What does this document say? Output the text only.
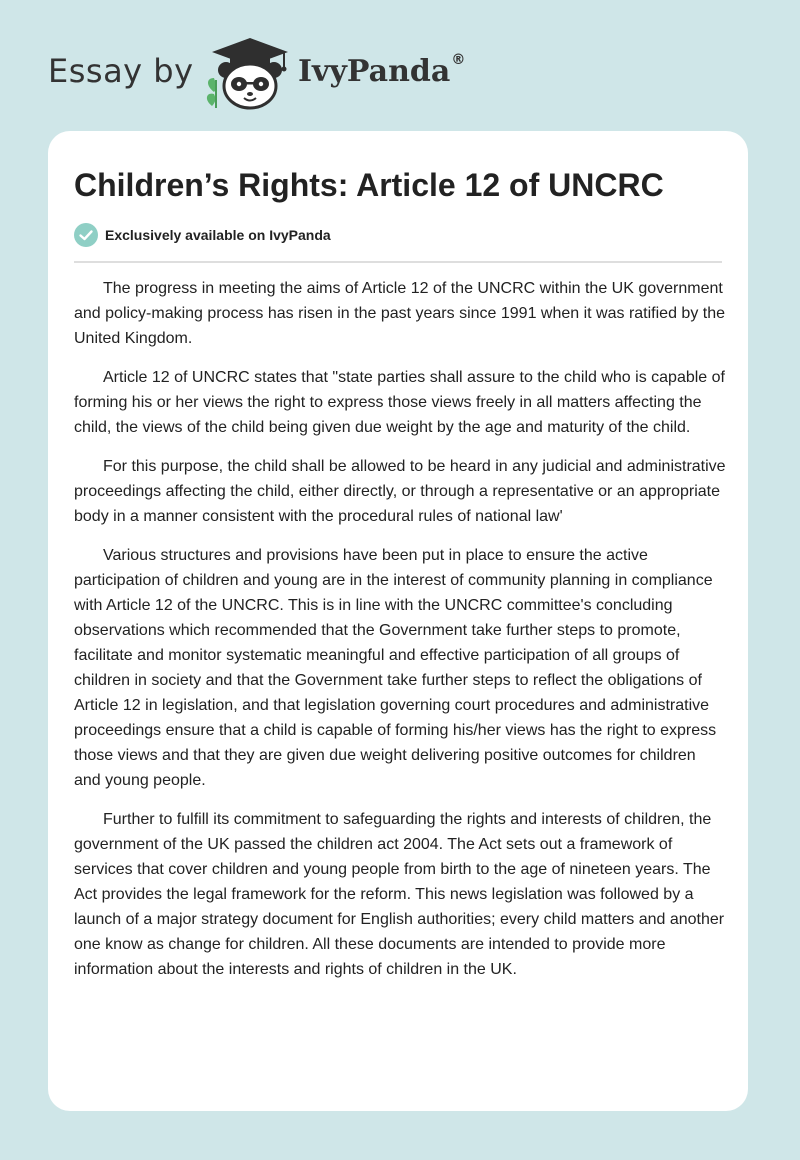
Essay by	IvyPanda®
Children’s Rights: Article 12 of UNCRC
Exclusively available on IvyPanda

The progress in meeting the aims of Article 12 of the UNCRC within the UK government and policy-making process has risen in the past years since 1991 when it was ratified by the United Kingdom.

Article 12 of UNCRC states that "state parties shall assure to the child who is capable of forming his or her views the right to express those views freely in all matters affecting the child, the views of the child being given due weight by the age and maturity of the child.

For this purpose, the child shall be allowed to be heard in any judicial and administrative proceedings affecting the child, either directly, or through a representative or an appropriate body in a manner consistent with the procedural rules of national law'

Various structures and provisions have been put in place to ensure the active participation of children and young are in the interest of community planning in compliance with Article 12 of the UNCRC. This is in line with the UNCRC committee's concluding observations which recommended that the Government take further steps to promote, facilitate and monitor systematic meaningful and effective participation of all groups of children in society and that the Government take further steps to reflect the obligations of Article 12 in legislation, and that legislation governing court procedures and administrative proceedings ensure that a child is capable of forming his/her views has the right to express those views and that they are given due weight delivering positive outcomes for children and young people.

Further to fulfill its commitment to safeguarding the rights and interests of children, the government of the UK passed the children act 2004. The Act sets out a framework of services that cover children and young people from birth to the age of nineteen years. The Act provides the legal framework for the reform. This news legislation was followed by a launch of a major strategy document for English authorities; every child matters and another one know as change for children. All these documents are intended to provide more information about the interests and rights of children in the UK.
